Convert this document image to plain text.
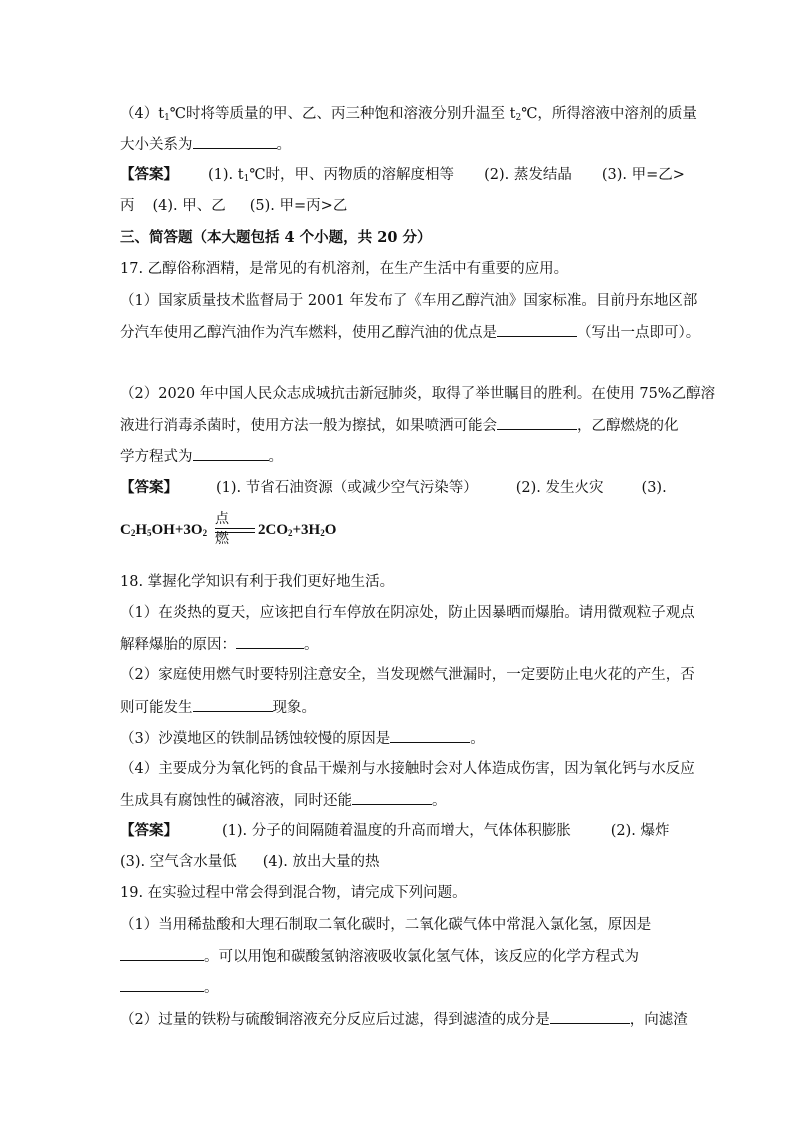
$(4)t_1℃$时将等质量的甲、乙、丙三种饱和溶液分别升温至 $t_2℃$，所得溶液中溶剂的质量
大小关系为	。
【答案】 (1). $t_1℃$时，甲、丙物质的溶解度相等 (2). 蒸发结晶 (3). 甲=乙>
丙 (4). 甲、乙 (5). 甲=丙>乙
三、简答题（本大题包括 4 个小题，共 20 分）
17. 乙醇俗称酒精，是常见的有机溶剂，在生产生活中有重要的应用。
（1）国家质量技术监督局于 2001 年发布了《车用乙醇汽油》国家标准。目前丹东地区部
分汽车使用乙醇汽油作为汽车燃料，使用乙醇汽油的优点是	（写出一点即可）。
（2）2020 年中国人民众志成城抗击新冠肺炎，取得了举世瞩目的胜利。在使用 75%乙醇溶
液进行消毒杀菌时，使用方法一般为擦拭，如果喷洒可能会	，乙醇燃烧的化
学方程式为	。
【答案】	(1). 节省石油资源（或减少空气污染等）	(2). 发生火灾	(3).
$C_2H_5OH+3O_2$
点燃
$2CO_2+3H_2O$
18. 掌握化学知识有利于我们更好地生活。
（1）在炎热的夏天，应该把自行车停放在阴凉处，防止因暴晒而爆胎。请用微观粒子观点
解释爆胎的原因：	。
（2）家庭使用燃气时要特别注意安全，当发现燃气泄漏时，一定要防止电火花的产生，否
则可能发生	现象。
（3）沙漠地区的铁制品锈蚀较慢的原因是	。
（4）主要成分为氧化钙的食品干燥剂与水接触时会对人体造成伤害，因为氧化钙与水反应
生成具有腐蚀性的碱溶液，同时还能	。
【答案】	(1). 分子的间隔随着温度的升高而增大，气体体积膨胀	(2). 爆炸
(3). 空气含水量低 (4). 放出大量的热
19. 在实验过程中常会得到混合物，请完成下列问题。
（1）当用稀盐酸和大理石制取二氧化碳时，二氧化碳气体中常混入氯化氢，原因是
。可以用饱和碳酸氢钠溶液吸收氯化氢气体，该反应的化学方程式为
。
（2）过量的铁粉与硫酸铜溶液充分反应后过滤，得到滤渣的成分是	，向滤渣
